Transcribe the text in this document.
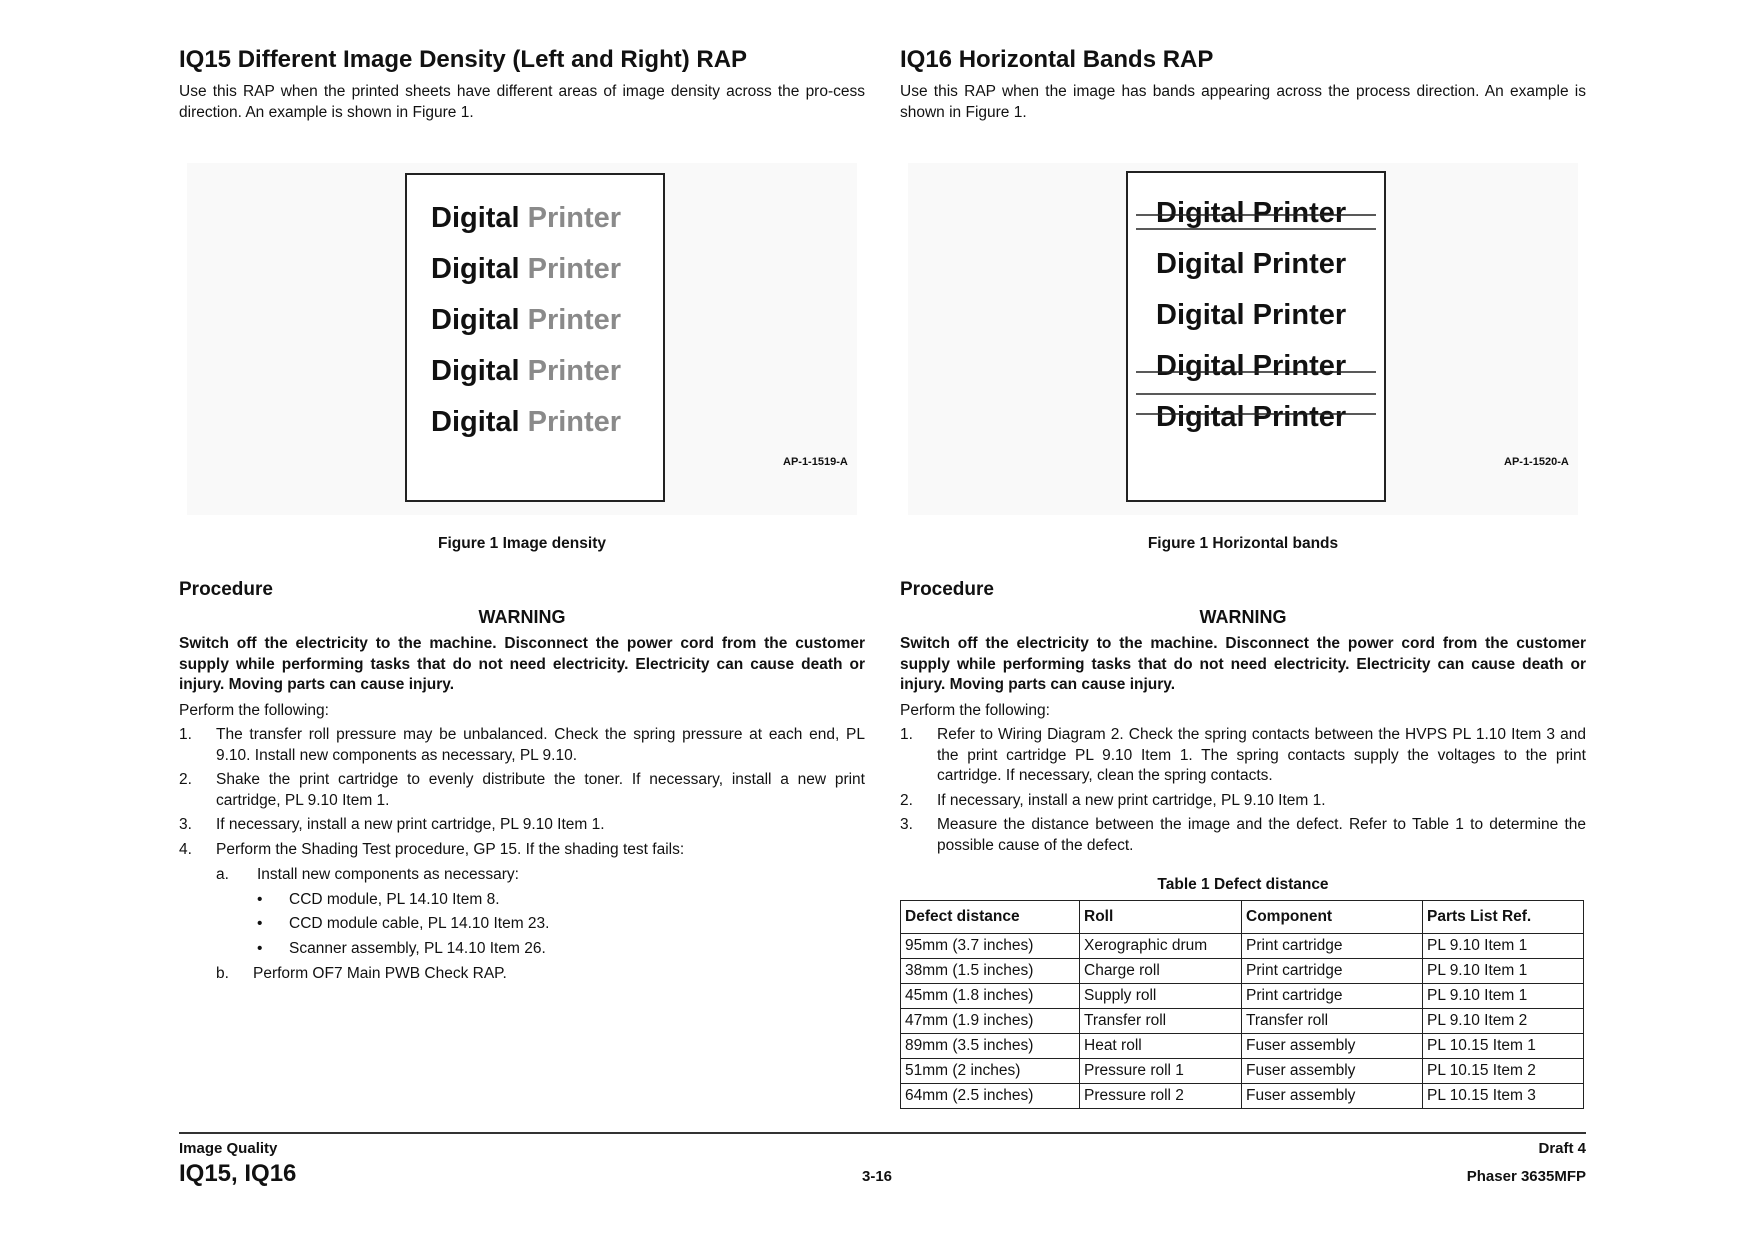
IQ15 Different Image Density (Left and Right) RAP

Use this RAP when the printed sheets have different areas of image density across the pro-cess direction. An example is shown in Figure 1.

Digital Printer
Digital Printer
Digital Printer
Digital Printer
Digital Printer
AP-1-1519-A
Figure 1 Image density
Procedure
WARNING
Switch off the electricity to the machine. Disconnect the power cord from the customer supply while performing tasks that do not need electricity. Electricity can cause death or injury. Moving parts can cause injury.

Perform the following:

1. The transfer roll pressure may be unbalanced. Check the spring pressure at each end, PL 9.10. Install new components as necessary, PL 9.10.
2. Shake the print cartridge to evenly distribute the toner. If necessary, install a new print cartridge, PL 9.10 Item 1.
3. If necessary, install a new print cartridge, PL 9.10 Item 1.
4. Perform the Shading Test procedure, GP 15. If the shading test fails:
a. Install new components as necessary:
• CCD module, PL 14.10 Item 8.
• CCD module cable, PL 14.10 Item 23.
• Scanner assembly, PL 14.10 Item 26.
b. Perform OF7 Main PWB Check RAP.
IQ16 Horizontal Bands RAP

Use this RAP when the image has bands appearing across the process direction. An example is shown in Figure 1.

Digital Printer
Digital Printer
Digital Printer
Digital Printer
Digital Printer
AP-1-1520-A
Figure 1 Horizontal bands
Procedure
WARNING
Switch off the electricity to the machine. Disconnect the power cord from the customer supply while performing tasks that do not need electricity. Electricity can cause death or injury. Moving parts can cause injury.

Perform the following:

1. Refer to Wiring Diagram 2. Check the spring contacts between the HVPS PL 1.10 Item 3 and the print cartridge PL 9.10 Item 1. The spring contacts supply the voltages to the print cartridge. If necessary, clean the spring contacts.
2. If necessary, install a new print cartridge, PL 9.10 Item 1.
3. Measure the distance between the image and the defect. Refer to Table 1 to determine the possible cause of the defect.
Table 1 Defect distance
Defect distance	Roll	Component	Parts List Ref.
95mm (3.7 inches)	Xerographic drum	Print cartridge	PL 9.10 Item 1
38mm (1.5 inches)	Charge roll	Print cartridge	PL 9.10 Item 1
45mm (1.8 inches)	Supply roll	Print cartridge	PL 9.10 Item 1
47mm (1.9 inches)	Transfer roll	Transfer roll	PL 9.10 Item 2
89mm (3.5 inches)	Heat roll	Fuser assembly	PL 10.15 Item 1
51mm (2 inches)	Pressure roll 1	Fuser assembly	PL 10.15 Item 2
64mm (2.5 inches)	Pressure roll 2	Fuser assembly	PL 10.15 Item 3
Image Quality
IQ15, IQ16	3-16
Draft 4
Phaser 3635MFP
